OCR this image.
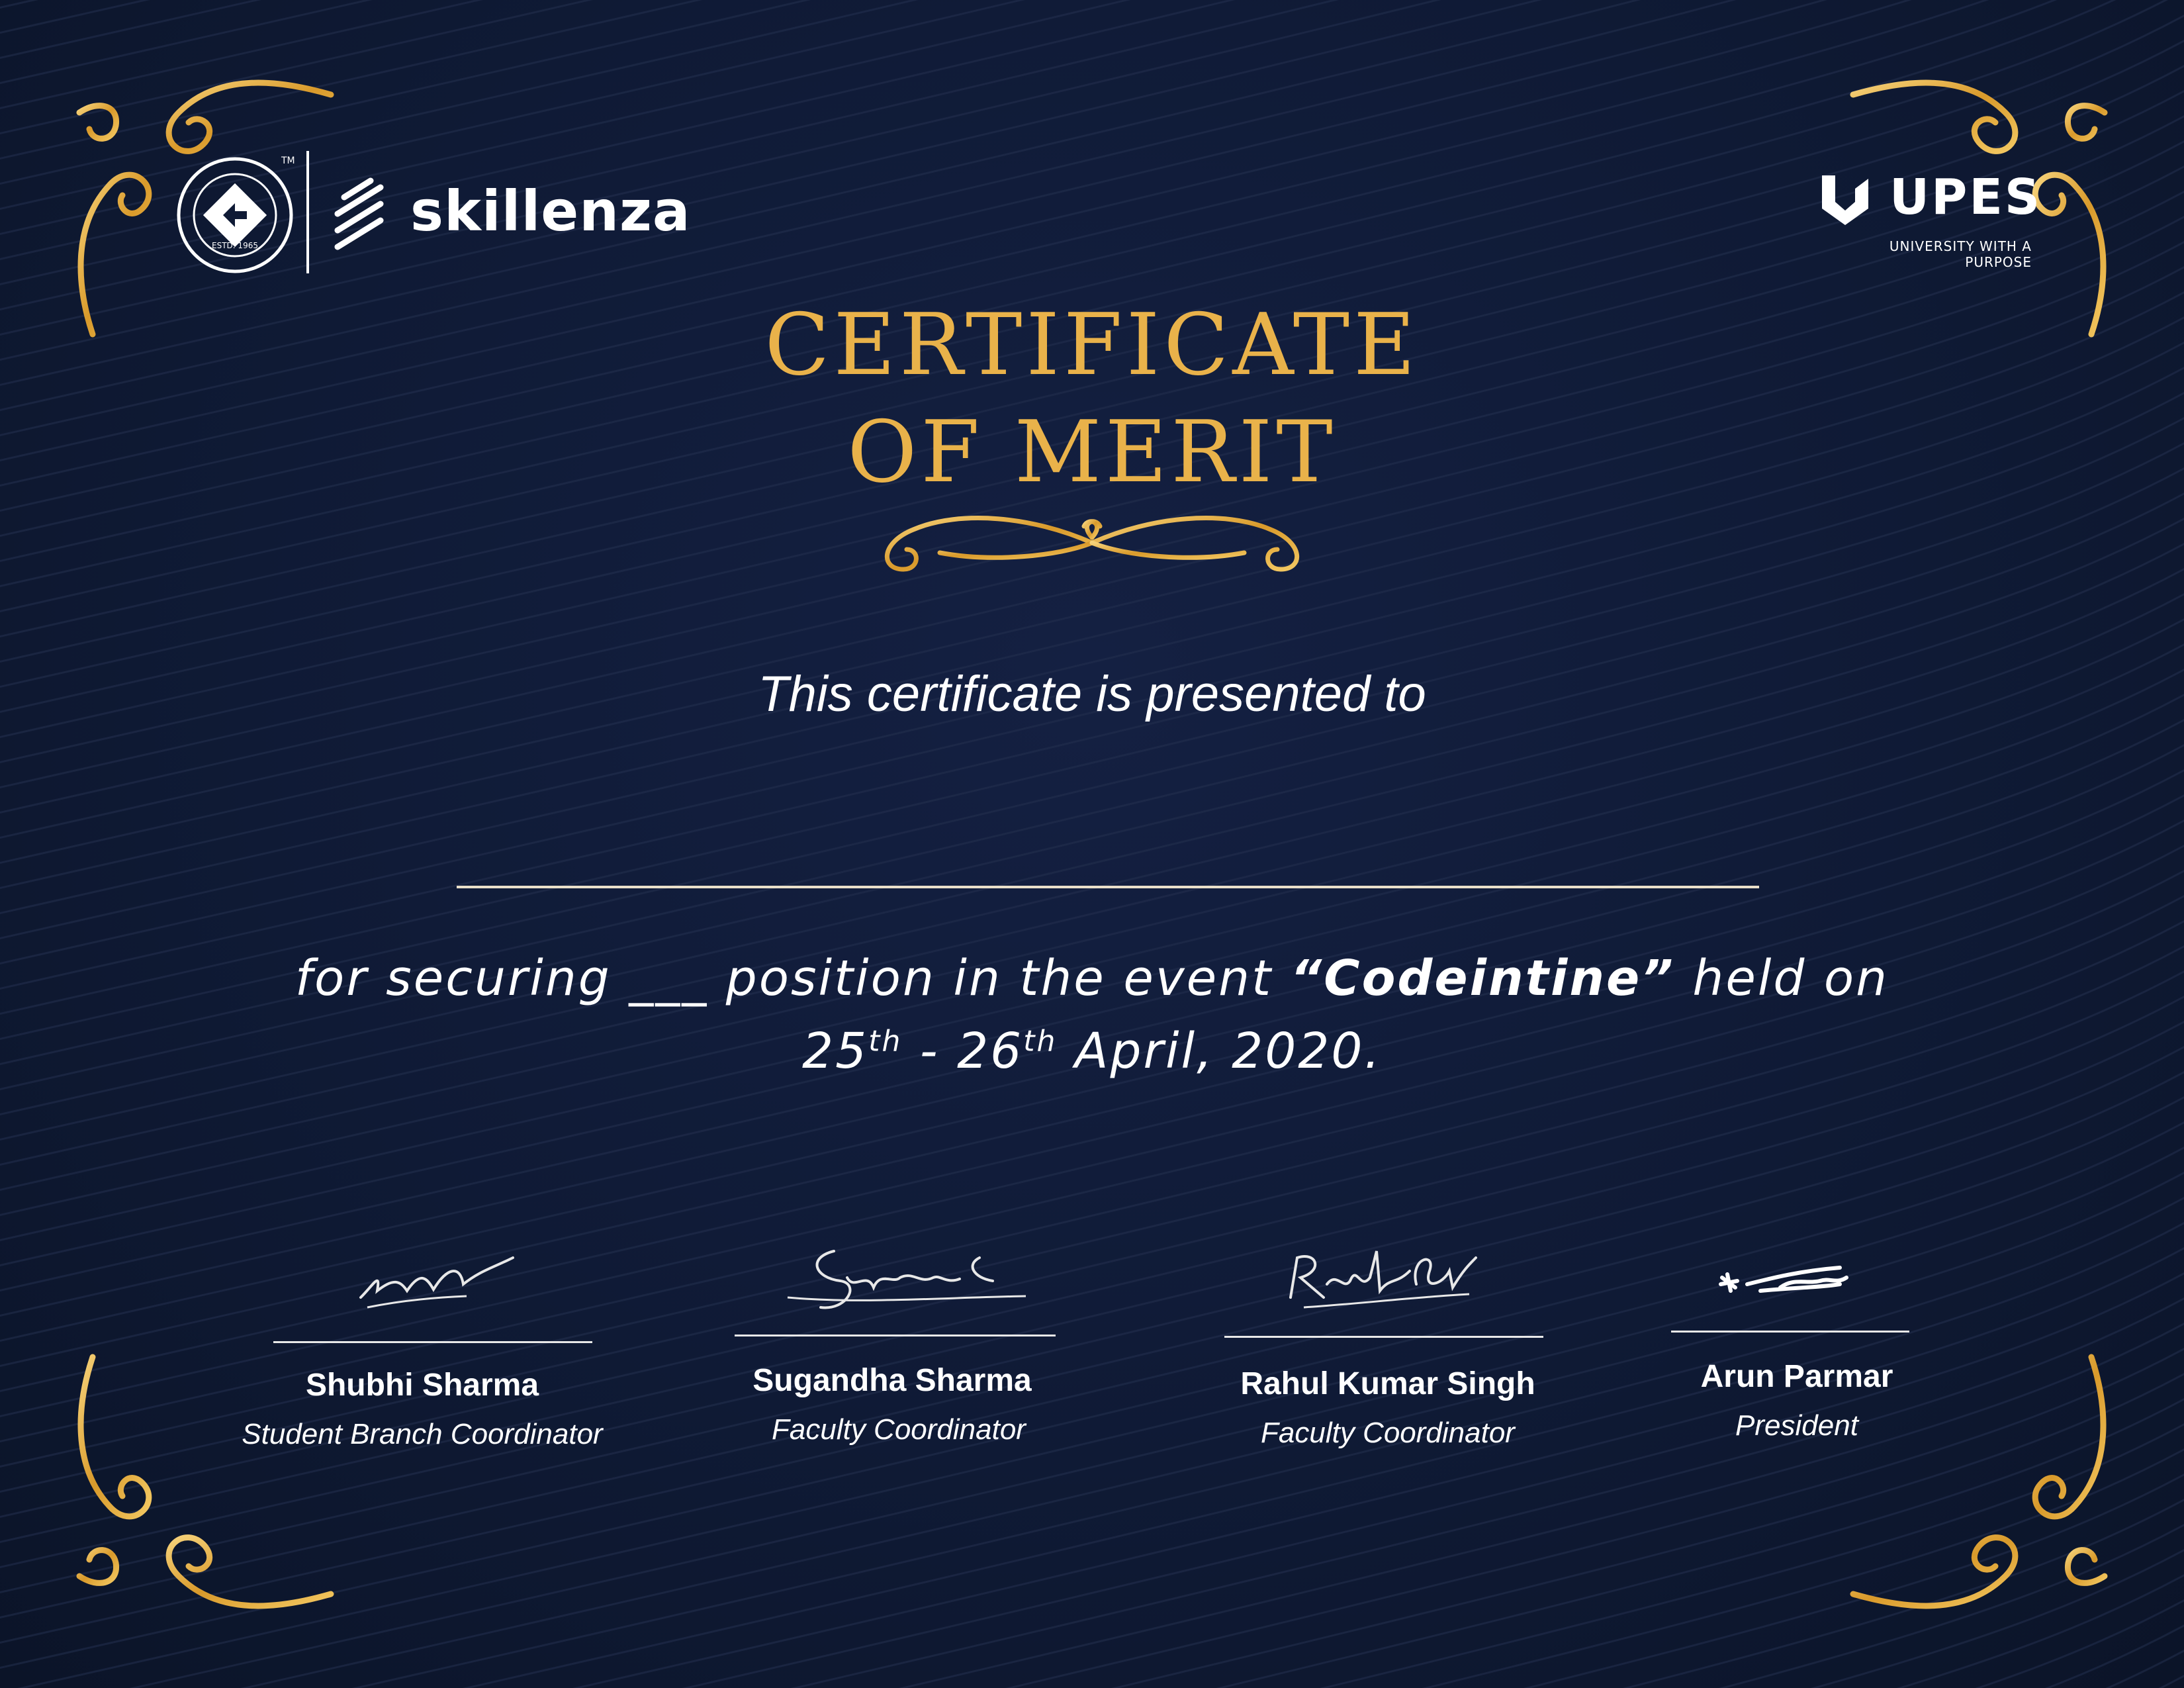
ESTD. 1965
TM
skillenza	UPES
UNIVERSITY WITH A PURPOSE
CERTIFICATE
OF MERIT
This certificate is presented to
for securing ___ position in the event “Codeintine” held on
25th - 26th April, 2020.
Shubhi Sharma
Student Branch Coordinator
Sugandha Sharma
Faculty Coordinator
Rahul Kumar Singh
Faculty Coordinator
Arun Parmar
President
